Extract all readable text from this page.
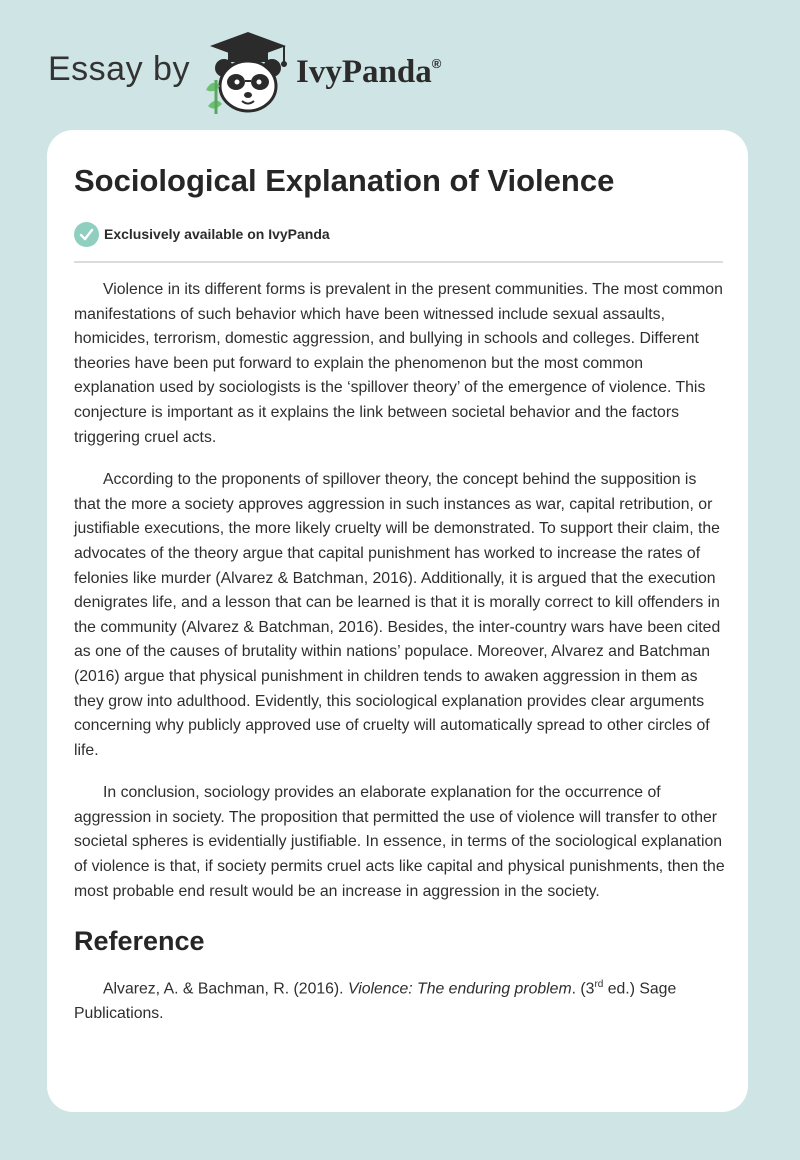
Essay by	IvyPanda®
Sociological Explanation of Violence
Exclusively available on IvyPanda

Violence in its different forms is prevalent in the present communities. The most common manifestations of such behavior which have been witnessed include sexual assaults, homicides, terrorism, domestic aggression, and bullying in schools and colleges. Different theories have been put forward to explain the phenomenon but the most common explanation used by sociologists is the ‘spillover theory’ of the emergence of violence. This conjecture is important as it explains the link between societal behavior and the factors triggering cruel acts.

According to the proponents of spillover theory, the concept behind the supposition is that the more a society approves aggression in such instances as war, capital retribution, or justifiable executions, the more likely cruelty will be demonstrated. To support their claim, the advocates of the theory argue that capital punishment has worked to increase the rates of felonies like murder (Alvarez & Batchman, 2016). Additionally, it is argued that the execution denigrates life, and a lesson that can be learned is that it is morally correct to kill offenders in the community (Alvarez & Batchman, 2016). Besides, the inter-country wars have been cited as one of the causes of brutality within nations’ populace. Moreover, Alvarez and Batchman (2016) argue that physical punishment in children tends to awaken aggression in them as they grow into adulthood. Evidently, this sociological explanation provides clear arguments concerning why publicly approved use of cruelty will automatically spread to other circles of life.

In conclusion, sociology provides an elaborate explanation for the occurrence of aggression in society. The proposition that permitted the use of violence will transfer to other societal spheres is evidentially justifiable. In essence, in terms of the sociological explanation of violence is that, if society permits cruel acts like capital and physical punishments, then the most probable end result would be an increase in aggression in the society.

Reference

Alvarez, A. & Bachman, R. (2016). Violence: The enduring problem. (3rd ed.) Sage Publications.
